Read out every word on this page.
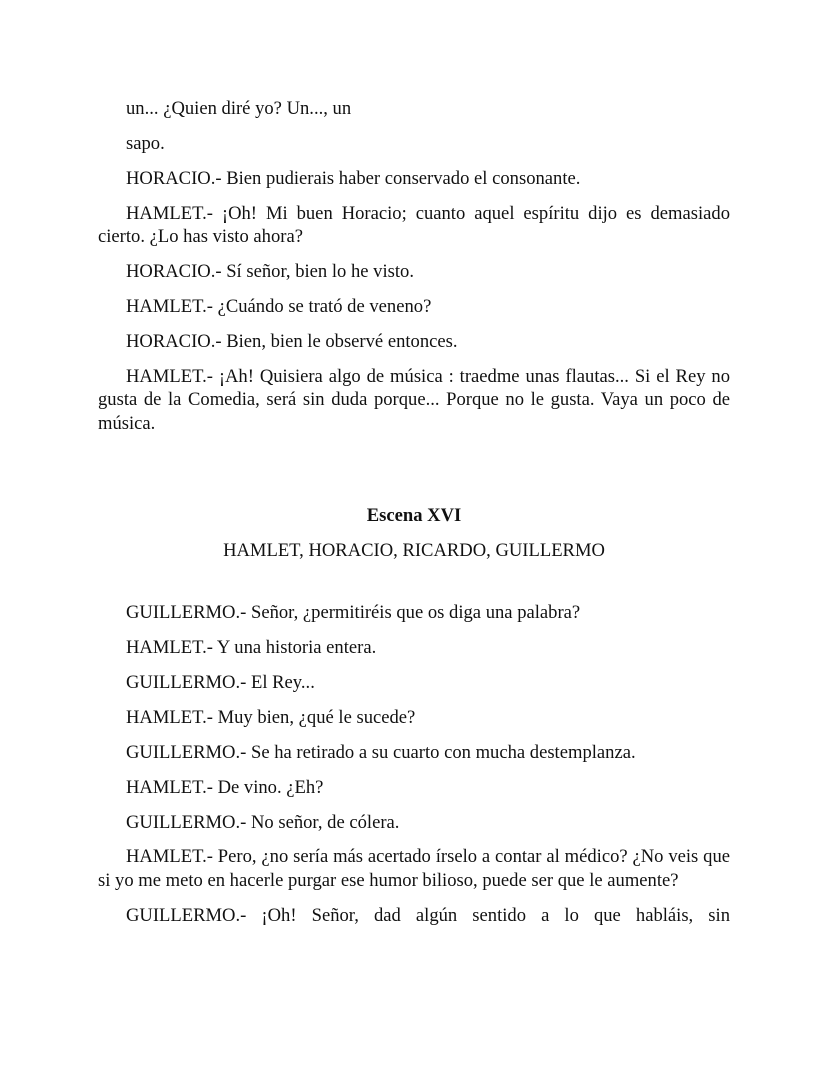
un... ¿Quien diré yo? Un..., un

sapo.

HORACIO.- Bien pudierais haber conservado el consonante.

HAMLET.- ¡Oh! Mi buen Horacio; cuanto aquel espíritu dijo es demasiado cierto. ¿Lo has visto ahora?

HORACIO.- Sí señor, bien lo he visto.

HAMLET.- ¿Cuándo se trató de veneno?

HORACIO.- Bien, bien le observé entonces.

HAMLET.- ¡Ah! Quisiera algo de música : traedme unas flautas... Si el Rey no gusta de la Comedia, será sin duda porque... Porque no le gusta. Vaya un poco de música.

Escena XVI

HAMLET, HORACIO, RICARDO, GUILLERMO

GUILLERMO.- Señor, ¿permitiréis que os diga una palabra?

HAMLET.- Y una historia entera.

GUILLERMO.- El Rey...

HAMLET.- Muy bien, ¿qué le sucede?

GUILLERMO.- Se ha retirado a su cuarto con mucha destemplanza.

HAMLET.- De vino. ¿Eh?

GUILLERMO.- No señor, de cólera.

HAMLET.- Pero, ¿no sería más acertado írselo a contar al médico? ¿No veis que si yo me meto en hacerle purgar ese humor bilioso, puede ser que le aumente?

GUILLERMO.- ¡Oh! Señor, dad algún sentido a lo que habláis, sin
